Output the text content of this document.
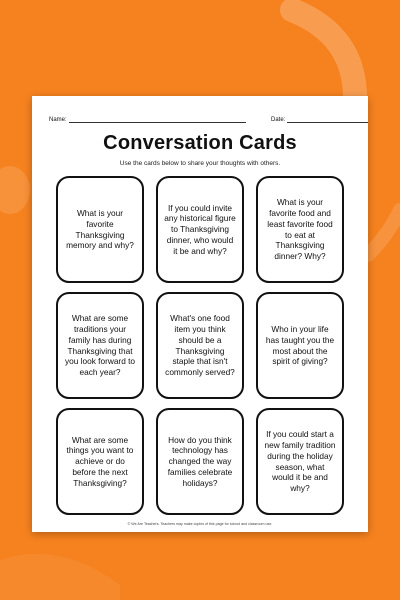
Name:	Date:
Conversation Cards
Use the cards below to share your thoughts with others.
What is your favorite Thanksgiving memory and why?
If you could invite any historical figure to Thanksgiving dinner, who would it be and why?
What is your favorite food and least favorite food to eat at Thanksgiving dinner? Why?
What are some traditions your family has during Thanksgiving that you look forward to each year?
What's one food item you think should be a Thanksgiving staple that isn't commonly served?
Who in your life has taught you the most about the spirit of giving?
What are some things you want to achieve or do before the next Thanksgiving?
How do you think technology has changed the way families celebrate holidays?
If you could start a new family tradition during the holiday season, what would it be and why?
© We Are Teachers. Teachers may make copies of this page for school and classroom use.
